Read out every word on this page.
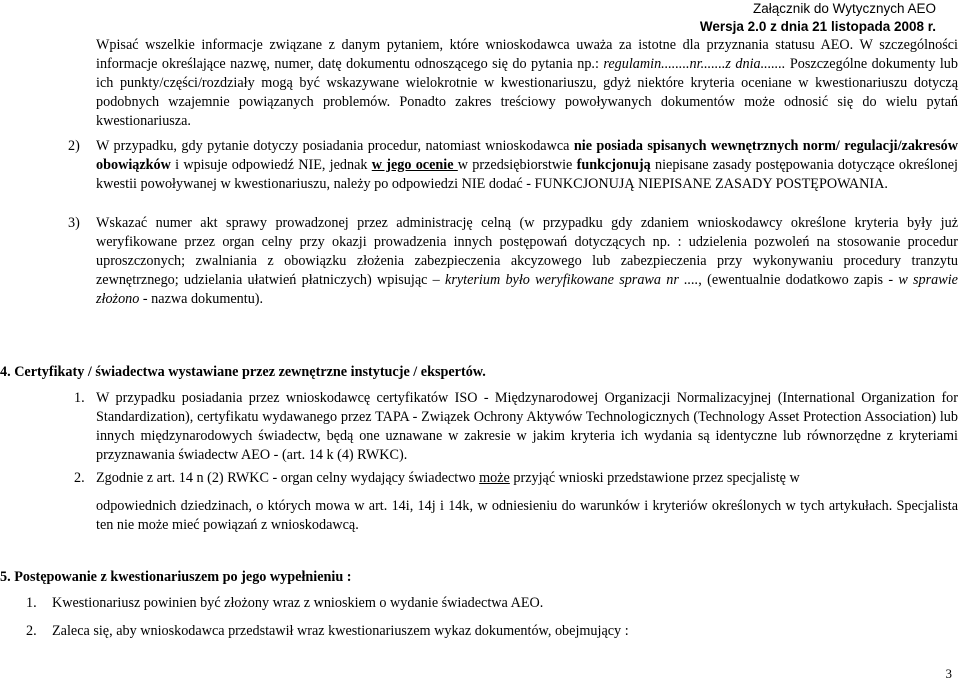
Załącznik do Wytycznych AEO
Wersja 2.0 z dnia 21 listopada 2008 r.

Wpisać wszelkie informacje związane z danym pytaniem, które wnioskodawca uważa za istotne dla przyznania statusu AEO. W szczególności informacje określające nazwę, numer, datę dokumentu odnoszącego się do pytania np.: regulamin........nr.......z dnia....... Poszczególne dokumenty lub ich punkty/części/rozdziały mogą być wskazywane wielokrotnie w kwestionariuszu, gdyż niektóre kryteria oceniane w kwestionariuszu dotyczą podobnych wzajemnie powiązanych problemów. Ponadto zakres treściowy powoływanych dokumentów może odnosić się do wielu pytań kwestionariusza.

2) W przypadku, gdy pytanie dotyczy posiadania procedur, natomiast wnioskodawca nie posiada spisanych wewnętrznych norm/ regulacji/zakresów obowiązków i wpisuje odpowiedź NIE, jednak w jego ocenie w przedsiębiorstwie funkcjonują niepisane zasady postępowania dotyczące określonej kwestii powoływanej w kwestionariuszu, należy po odpowiedzi NIE dodać - FUNKCJONUJĄ NIEPISANE ZASADY POSTĘPOWANIA.

3) Wskazać numer akt sprawy prowadzonej przez administrację celną (w przypadku gdy zdaniem wnioskodawcy określone kryteria były już weryfikowane przez organ celny przy okazji prowadzenia innych postępowań dotyczących np. : udzielenia pozwoleń na stosowanie procedur uproszczonych; zwalniania z obowiązku złożenia zabezpieczenia akcyzowego lub zabezpieczenia przy wykonywaniu procedury tranzytu zewnętrznego; udzielania ułatwień płatniczych) wpisując – kryterium było weryfikowane sprawa nr ...., (ewentualnie dodatkowo zapis - w sprawie złożono - nazwa dokumentu).

4. Certyfikaty / świadectwa wystawiane przez zewnętrzne instytucje / ekspertów.
1. W przypadku posiadania przez wnioskodawcę certyfikatów ISO - Międzynarodowej Organizacji Normalizacyjnej (International Organization for Standardization), certyfikatu wydawanego przez TAPA - Związek Ochrony Aktywów Technologicznych (Technology Asset Protection Association) lub innych międzynarodowych świadectw, będą one uznawane w zakresie w jakim kryteria ich wydania są identyczne lub równorzędne z kryteriami przyznawania świadectw AEO - (art. 14 k (4) RWKC).

2. Zgodnie z art. 14 n (2) RWKC - organ celny wydający świadectwo może przyjąć wnioski przedstawione przez specjalistę w

odpowiednich dziedzinach, o których mowa w art. 14i, 14j i 14k, w odniesieniu do warunków i kryteriów określonych w tych artykułach. Specjalista ten nie może mieć powiązań z wnioskodawcą.

5. Postępowanie z kwestionariuszem po jego wypełnieniu :
1. Kwestionariusz powinien być złożony wraz z wnioskiem o wydanie świadectwa AEO.
2. Zaleca się, aby wnioskodawca przedstawił wraz kwestionariuszem wykaz dokumentów, obejmujący :
3
